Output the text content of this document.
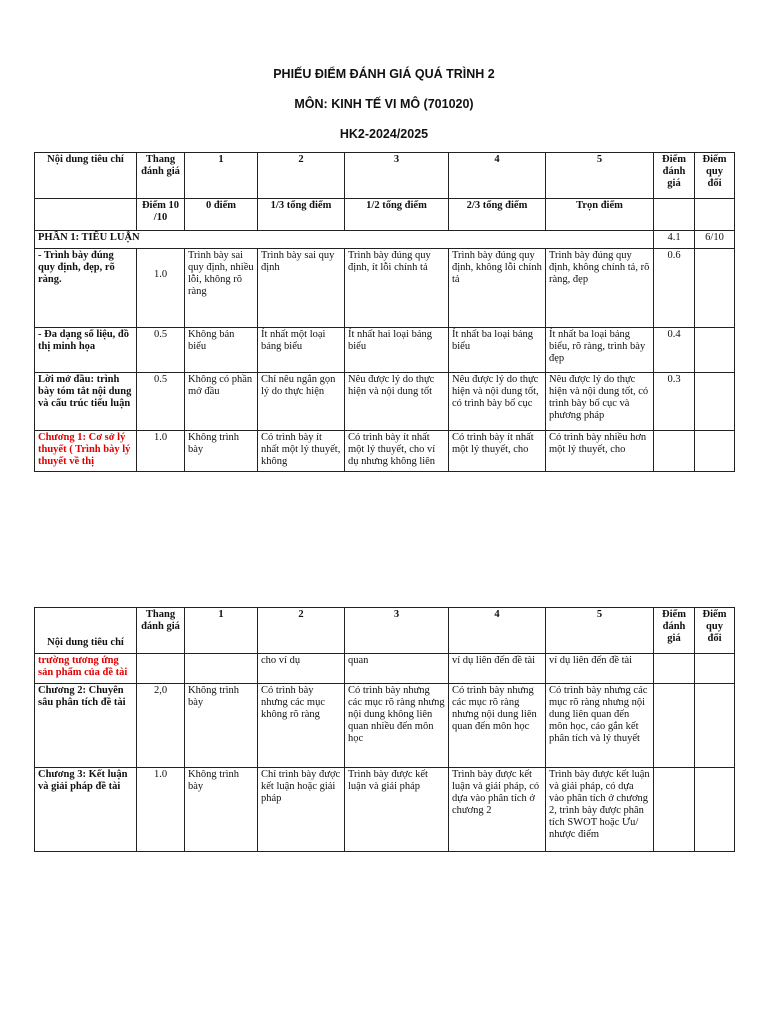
PHIẾU ĐIỂM ĐÁNH GIÁ QUÁ TRÌNH 2
MÔN: KINH TẾ VI MÔ (701020)
HK2-2024/2025
Nội dung tiêu chí	Thang đánh giá	1	2	3	4	5	Điểm đánh giá	Điểm quy đổi
	Điểm 10 /10	0 điểm	1/3 tổng điểm	1/2 tổng điểm	2/3 tổng điểm	Trọn điểm		
PHẦN 1: TIỂU LUẬN							4.1	6/10
- Trình bày đúng quy định, đẹp, rõ ràng.	1.0	Trình bày sai quy định, nhiều lỗi, không rõ ràng	Trình bày sai quy định	Trình bày đúng quy định, ít lỗi chính tả	Trình bày đúng quy định, không lỗi chính tả	Trình bày đúng quy định, không chính tả, rõ ràng, đẹp	0.6	
- Đa dạng số liệu, đồ thị minh họa	0.5	Không bản biểu	Ít nhất một loại bảng biểu	Ít nhất hai loại bảng biểu	Ít nhất ba loại bảng biểu	Ít nhất ba loại bảng biểu, rõ ràng, trình bày đẹp	0.4	
Lời mở đầu: trình bày tóm tắt nội dung và cấu trúc tiểu luận	0.5	Không có phần mở đầu	Chỉ nêu ngắn gọn lý do thực hiện	Nêu được lý do thực hiện và nội dung tốt	Nêu được lý do thực hiện và nội dung tốt, có trình bày bố cục	Nêu được lý do thực hiện và nội dung tốt, có trình bày bố cục và phương pháp	0.3	
Chương 1: Cơ sở lý thuyết ( Trình bày lý thuyết về thị	1.0	Không trình bày	Có trình bày ít nhất một lý thuyết, không	Có trình bày ít nhất một lý thuyết, cho ví dụ nhưng không liên	Có trình bày ít nhất một lý thuyết, cho	Có trình bày nhiều hơn một lý thuyết, cho		
Nội dung tiêu chí	Thang đánh giá	1	2	3	4	5	Điểm đánh giá	Điểm quy đổi
trường tương ứng sản phẩm của đề tài			cho ví dụ	quan	ví dụ liên đến đề tài	ví dụ liên đến đề tài		
Chương 2: Chuyên sâu phân tích đề tài	2,0	Không trình bày	Có trình bày nhưng các mục không rõ ràng	Có trình bày nhưng các mục rõ ràng nhưng nội dung không liên quan nhiều đến môn học	Có trình bày nhưng các mục rõ ràng nhưng nội dung liên quan đến môn học	Có trình bày nhưng các mục rõ ràng nhưng nội dung liên quan đến môn học, cáo gắn kết phân tích và lý thuyết		
Chương 3: Kết luận và giải pháp đề tài	1.0	Không trình bày	Chỉ trình bày được kết luận hoặc giải pháp	Trình bày được kết luận và giải pháp	Trình bày được kết luận và giải pháp, có dựa vào phân tích ở chương 2	Trình bày được kết luận và giải pháp, có dựa vào phân tích ở chương 2, trình bày được phân tích SWOT hoặc Ưu/ nhược điểm		
